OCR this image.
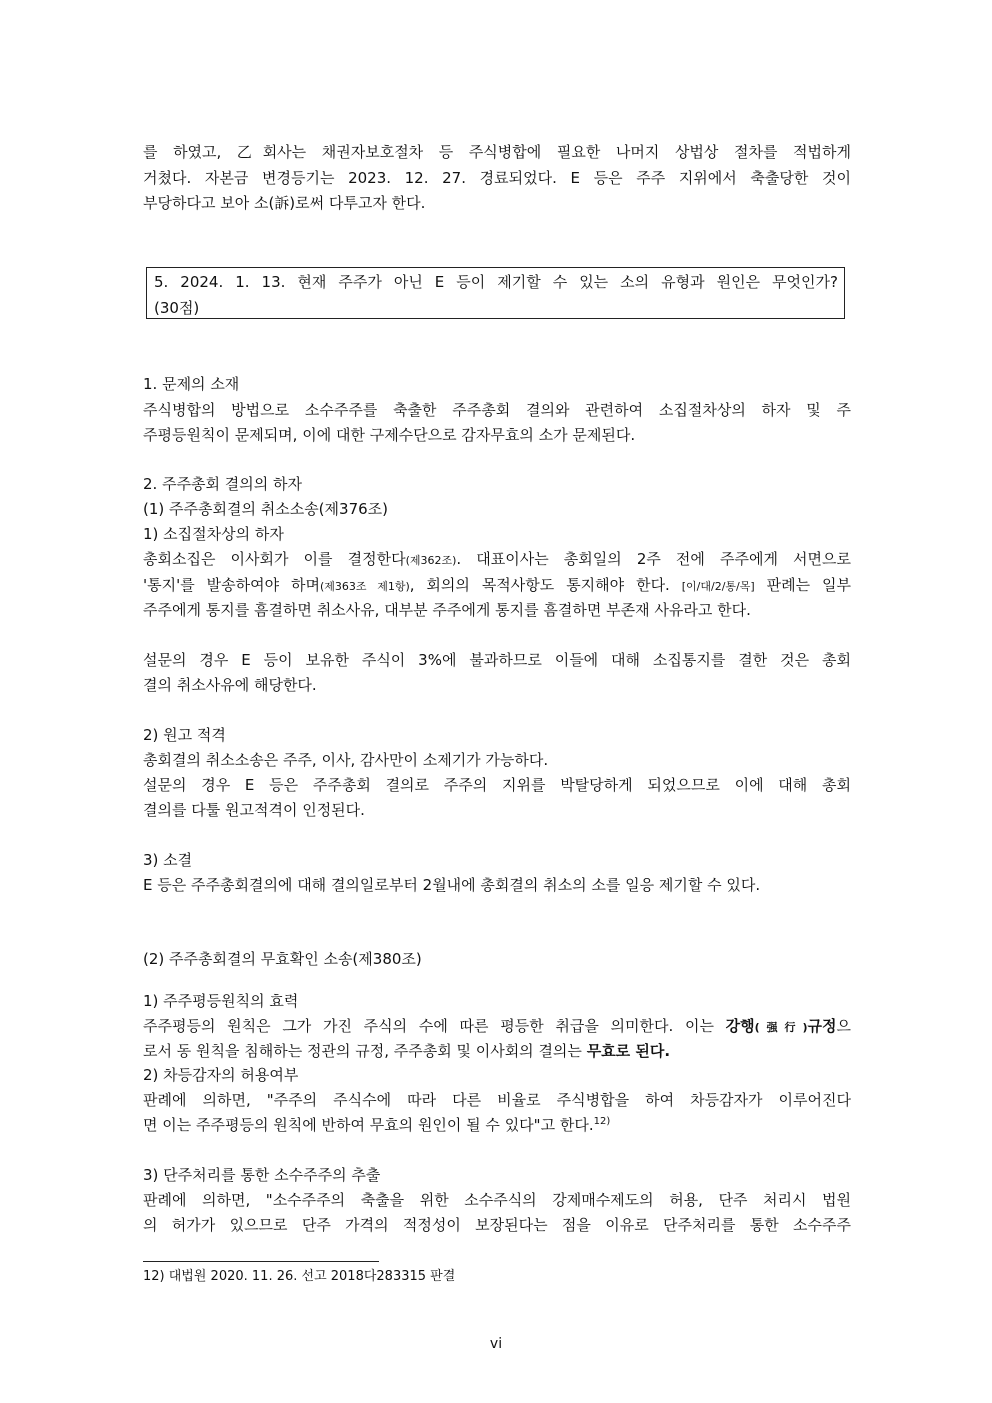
를 하였고, 乙회사는 채권자보호절차 등 주식병합에 필요한 나머지 상법상 절차를 적법하게
거쳤다. 자본금 변경등기는 2023. 12. 27. 경료되었다. E 등은 주주 지위에서 축출당한 것이
부당하다고 보아 소(訴)로써 다투고자 한다.
5. 2024. 1. 13. 현재 주주가 아닌 E 등이 제기할 수 있는 소의 유형과 원인은 무엇인가?
(30점)
1. 문제의 소재
주식병합의 방법으로 소수주주를 축출한 주주총회 결의와 관련하여 소집절차상의 하자 및 주
주평등원칙이 문제되며, 이에 대한 구제수단으로 감자무효의 소가 문제된다.
2. 주주총회 결의의 하자
(1) 주주총회결의 취소소송(제376조)
1) 소집절차상의 하자
총회소집은 이사회가 이를 결정한다(제362조). 대표이사는 총회일의 2주 전에 주주에게 서면으로
'통지'를 발송하여야 하며(제363조 제1항), 회의의 목적사항도 통지해야 한다. [이/대/2/통/목] 판례는 일부
주주에게 통지를 흠결하면 취소사유, 대부분 주주에게 통지를 흠결하면 부존재 사유라고 한다.
설문의 경우 E 등이 보유한 주식이 3%에 불과하므로 이들에 대해 소집통지를 결한 것은 총회
결의 취소사유에 해당한다.
2) 원고 적격
총회결의 취소소송은 주주, 이사, 감사만이 소제기가 가능하다.
설문의 경우 E 등은 주주총회 결의로 주주의 지위를 박탈당하게 되었으므로 이에 대해 총회
결의를 다툴 원고적격이 인정된다.
3) 소결
E 등은 주주총회결의에 대해 결의일로부터 2월내에 총회결의 취소의 소를 일응 제기할 수 있다.
(2) 주주총회결의 무효확인 소송(제380조)
1) 주주평등원칙의 효력
주주평등의 원칙은 그가 가진 주식의 수에 따른 평등한 취급을 의미한다. 이는 강행(强行)규정으
로서 동 원칙을 침해하는 정관의 규정, 주주총회 및 이사회의 결의는 무효로 된다.
2) 차등감자의 허용여부
판례에 의하면, "주주의 주식수에 따라 다른 비율로 주식병합을 하여 차등감자가 이루어진다
면 이는 주주평등의 원칙에 반하여 무효의 원인이 될 수 있다"고 한다.$^{12)}$
3) 단주처리를 통한 소수주주의 추출
판례에 의하면, "소수주주의 축출을 위한 소수주식의 강제매수제도의 허용, 단주 처리시 법원
의 허가가 있으므로 단주 가격의 적정성이 보장된다는 점을 이유로 단주처리를 통한 소수주주
12) 대법원 2020. 11. 26. 선고 2018다283315 판결
vi
